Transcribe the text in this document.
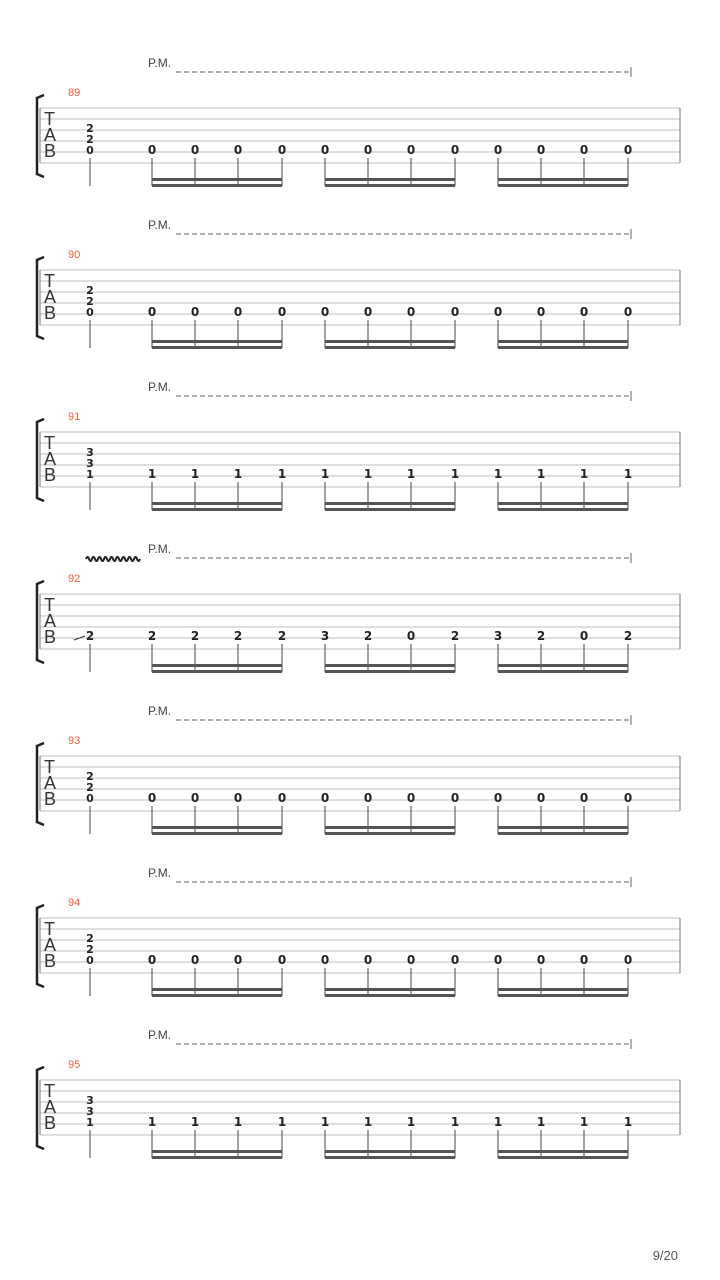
P.M.
89
T
A
B
2
2
0	0	0	0	0	0	0	0	0	0	0	0	0
P.M.
90
T
A
B
2
2
0	0	0	0	0	0	0	0	0	0	0	0	0
P.M.
91
T
A
B
3
3
1	1	1	1	1	1	1	1	1	1	1	1	1
P.M.
92
T
A
B 2	2	2	2	2	3	2	0	2	3	2	0	2
P.M.
93
T
A
B
2
2
0	0	0	0	0	0	0	0	0	0	0	0	0
P.M.
94
T
A
B
2
2
0	0	0	0	0	0	0	0	0	0	0	0	0
P.M.
95
T
A
B
3
3
1	1	1	1	1	1	1	1	1	1	1	1	1
9/20
